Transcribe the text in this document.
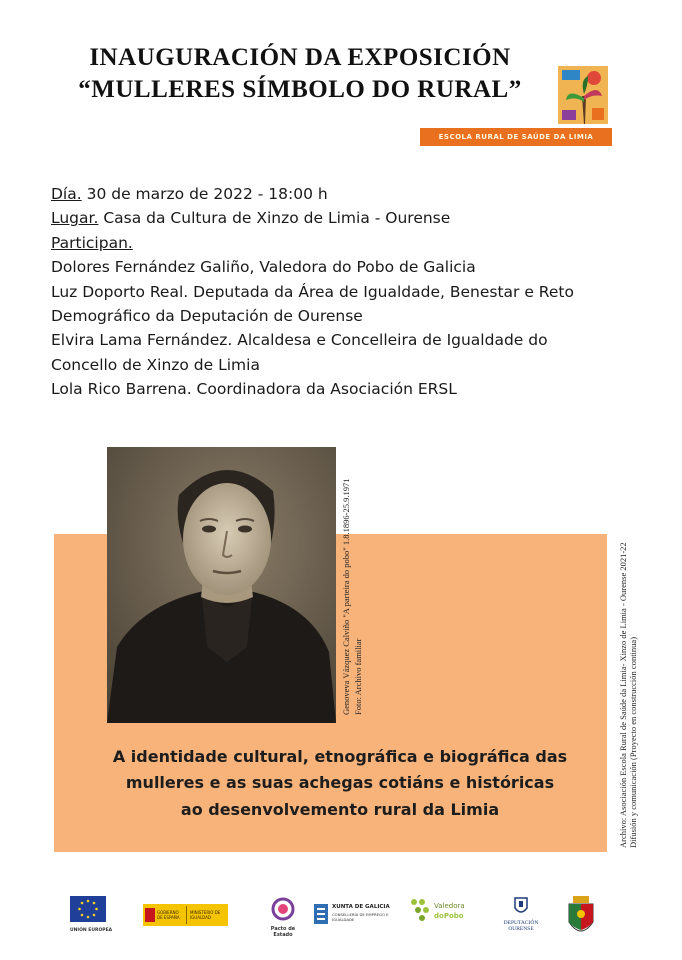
INAUGURACIÓN DA EXPOSICIÓN
“MULLERES SÍMBOLO DO RURAL”
ESCOLA RURAL DE SAÚDE DA LIMIA
Día. 30 de marzo de 2022 - 18:00 h
Lugar. Casa da Cultura de Xinzo de Limia - Ourense
Participan.
Dolores Fernández Galiño, Valedora do Pobo de Galicia
Luz Doporto Real. Deputada da Área de Igualdade, Benestar e Reto
Demográfico da Deputación de Ourense
Elvira Lama Fernández. Alcaldesa e Concelleira de Igualdade do
Concello de Xinzo de Limia
Lola Rico Barrena. Coordinadora da Asociación ERSL
Genoveva Vázquez Calviño "A parteira do pobo" 1.8.1896-25.9.1971 Foto: Archivo familiar
A identidade cultural, etnográfica e biográfica das
mulleres e as suas achegas cotiáns e históricas
ao desenvolvemento rural da Limia	Archivo: Asociación Escola Rural de Saúde da Limia- Xinzo de Limia - Ourense 2021-22 Difusión y comunicación (Proyecto en construcción continua)
UNIÓN EUROPEA
GOBIERNO DE ESPAÑA
MINISTERIO DE IGUALDAD
Pacto de Estado
XUNTA DE GALICIA
CONSELLERÍA DE EMPREGO E IGUALDADE
Valedora
doPobo
DEPUTACIÓN
OURENSE
